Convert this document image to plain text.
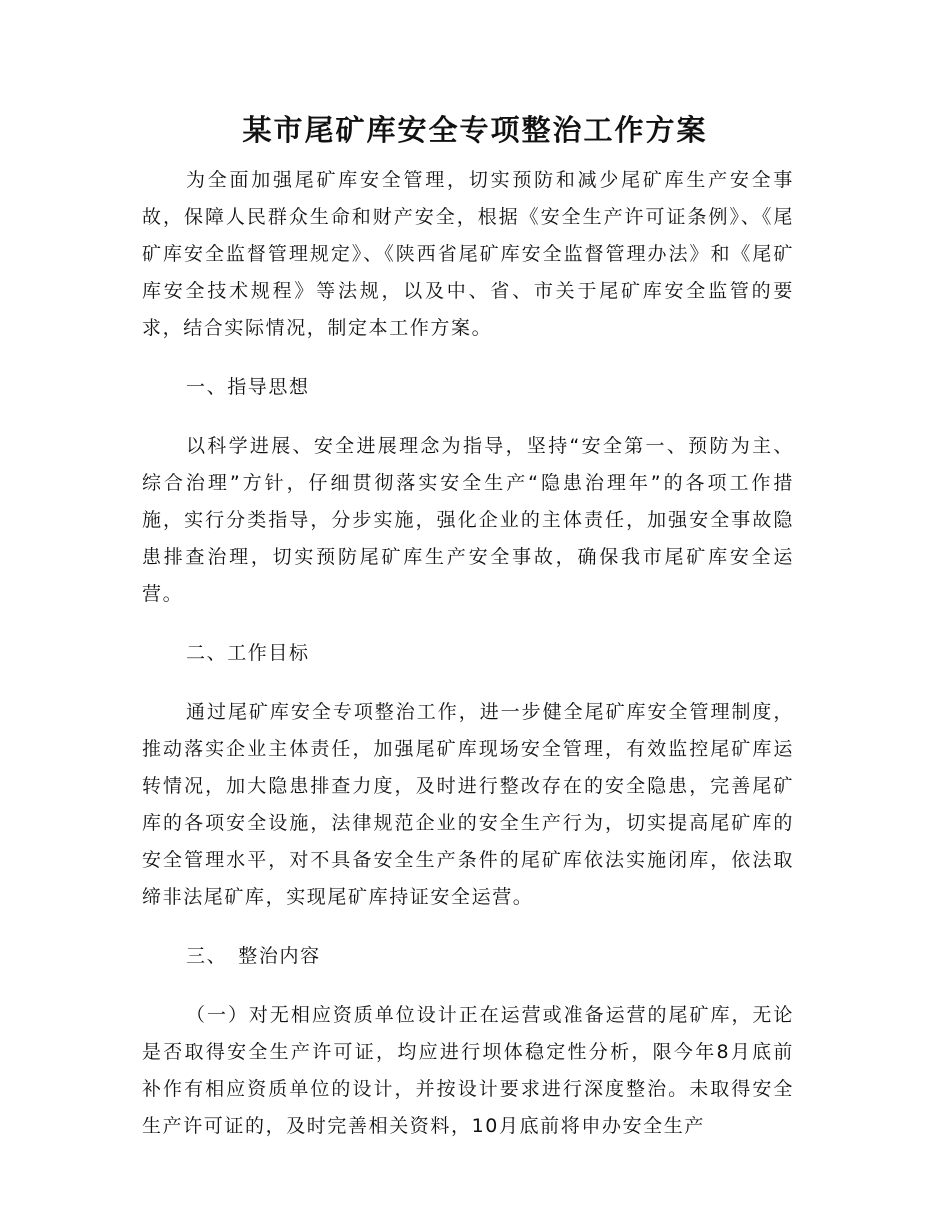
某市尾矿库安全专项整治工作方案

为全面加强尾矿库安全管理，切实预防和减少尾矿库生产安全事故，保障人民群众生命和财产安全，根据《安全生产许可证条例》、《尾矿库安全监督管理规定》、《陕西省尾矿库安全监督管理办法》和《尾矿库安全技术规程》等法规，以及中、省、市关于尾矿库安全监管的要求，结合实际情况，制定本工作方案。

一、指导思想

以科学进展、安全进展理念为指导，坚持“安全第一、预防为主、综合治理”方针，仔细贯彻落实安全生产“隐患治理年”的各项工作措施，实行分类指导，分步实施，强化企业的主体责任，加强安全事故隐患排查治理，切实预防尾矿库生产安全事故，确保我市尾矿库安全运营。

二、工作目标

通过尾矿库安全专项整治工作，进一步健全尾矿库安全管理制度，推动落实企业主体责任，加强尾矿库现场安全管理，有效监控尾矿库运转情况，加大隐患排查力度，及时进行整改存在的安全隐患，完善尾矿库的各项安全设施，法律规范企业的安全生产行为，切实提高尾矿库的安全管理水平，对不具备安全生产条件的尾矿库依法实施闭库，依法取缔非法尾矿库，实现尾矿库持证安全运营。

三、　整治内容

（一）对无相应资质单位设计正在运营或准备运营的尾矿库，无论是否取得安全生产许可证，均应进行坝体稳定性分析，限今年8月底前补作有相应资质单位的设计，并按设计要求进行深度整治。未取得安全生产许可证的，及时完善相关资料，10月底前将申办安全生产
